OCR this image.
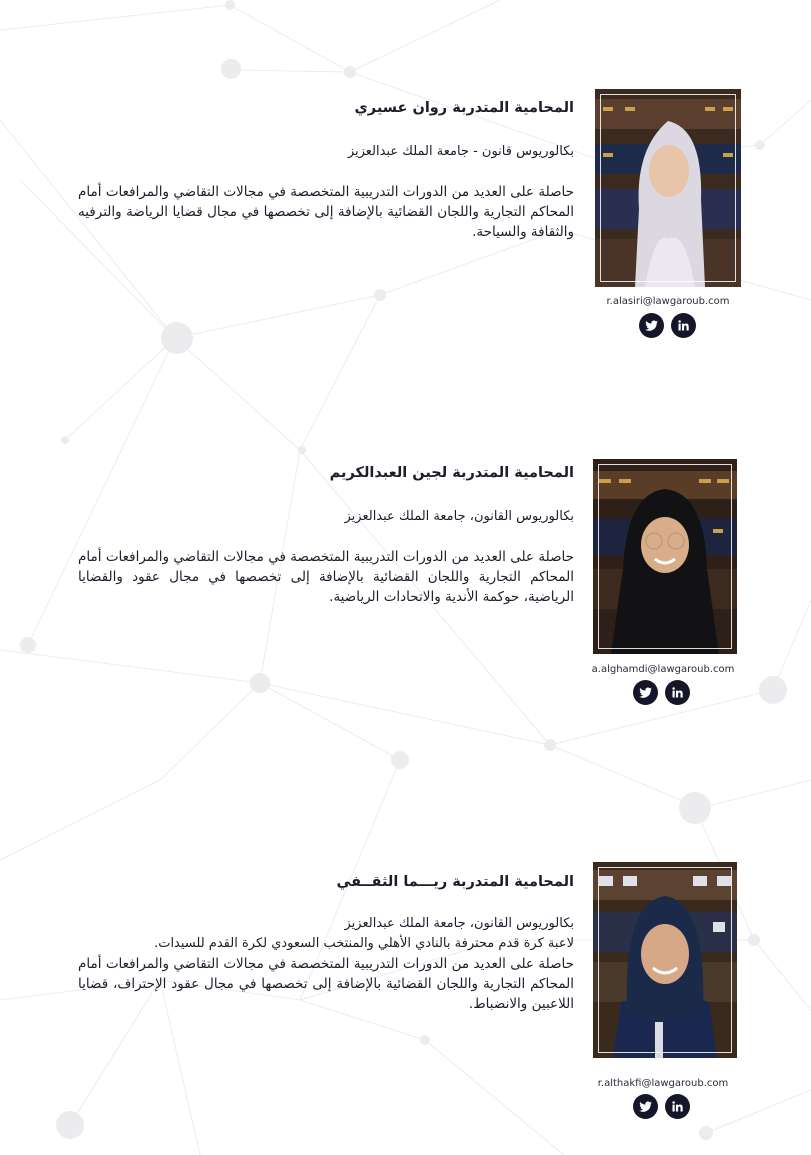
المحامية المتدربة روان عسيري

بكالوريوس قانون - جامعة الملك عبدالعزيز

حاصلة على العديد من الدورات التدريبية المتخصصة في مجالات التقاضي والمرافعات أمام المحاكم التجارية واللجان القضائية بالإضافة إلى تخصصها في مجال قضايا الرياضة والترفيه والثقافة والسياحة.

r.alasiri@lawgaroub.com

المحامية المتدربة لجين العبدالكريم

بكالوريوس القانون، جامعة الملك عبدالعزيز

حاصلة على العديد من الدورات التدريبية المتخصصة في مجالات التقاضي والمرافعات أمام المحاكم التجارية واللجان القضائية بالإضافة إلى تخصصها في مجال عقود والقضايا الرياضية، حوكمة الأندية والاتحادات الرياضية.

a.alghamdi@lawgaroub.com

المحامية المتدربة ريـــما الثقــفي

بكالوريوس القانون، جامعة الملك عبدالعزيز

لاعبة كرة قدم محترفة بالنادي الأهلي والمنتخب السعودي لكرة القدم للسيدات.

حاصلة على العديد من الدورات التدريبية المتخصصة في مجالات التقاضي والمرافعات أمام المحاكم التجارية واللجان القضائية بالإضافة إلى تخصصها في مجال عقود الإحتراف، قضايا اللاعبين والانضباط.

r.althakfi@lawgaroub.com
